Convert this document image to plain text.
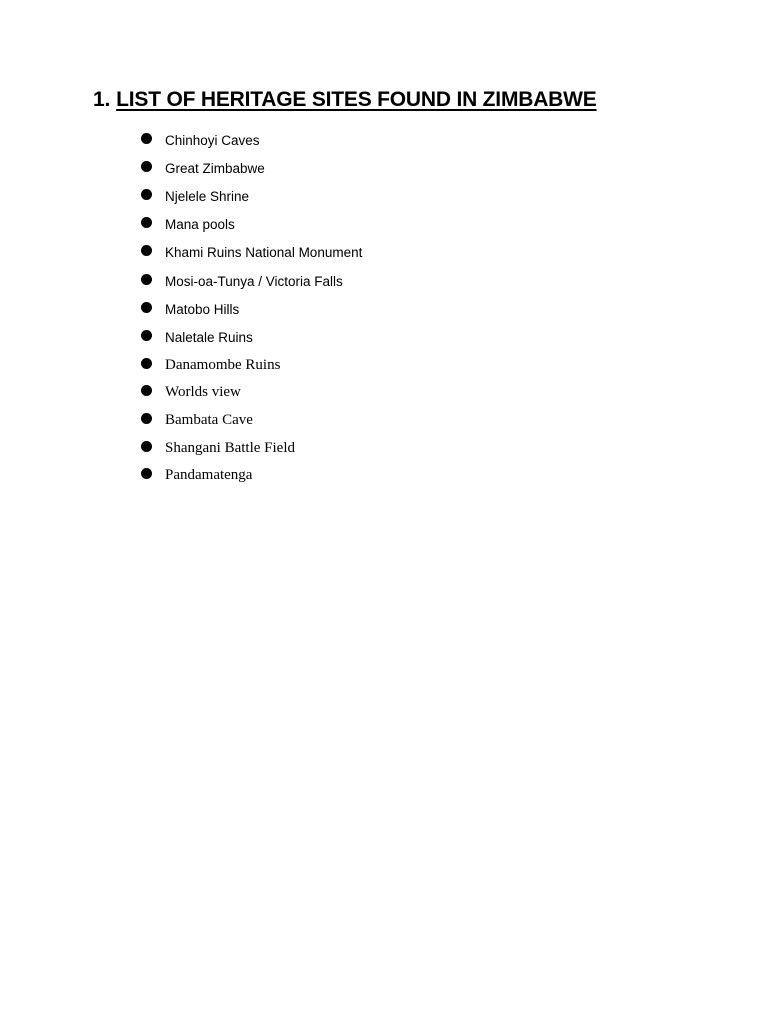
1. LIST OF HERITAGE SITES FOUND IN ZIMBABWE
Chinhoyi Caves
Great Zimbabwe
Njelele Shrine
Mana pools
Khami Ruins National Monument
Mosi-oa-Tunya / Victoria Falls
Matobo Hills
Naletale Ruins
Danamombe Ruins
Worlds view
Bambata Cave
Shangani Battle Field
Pandamatenga
